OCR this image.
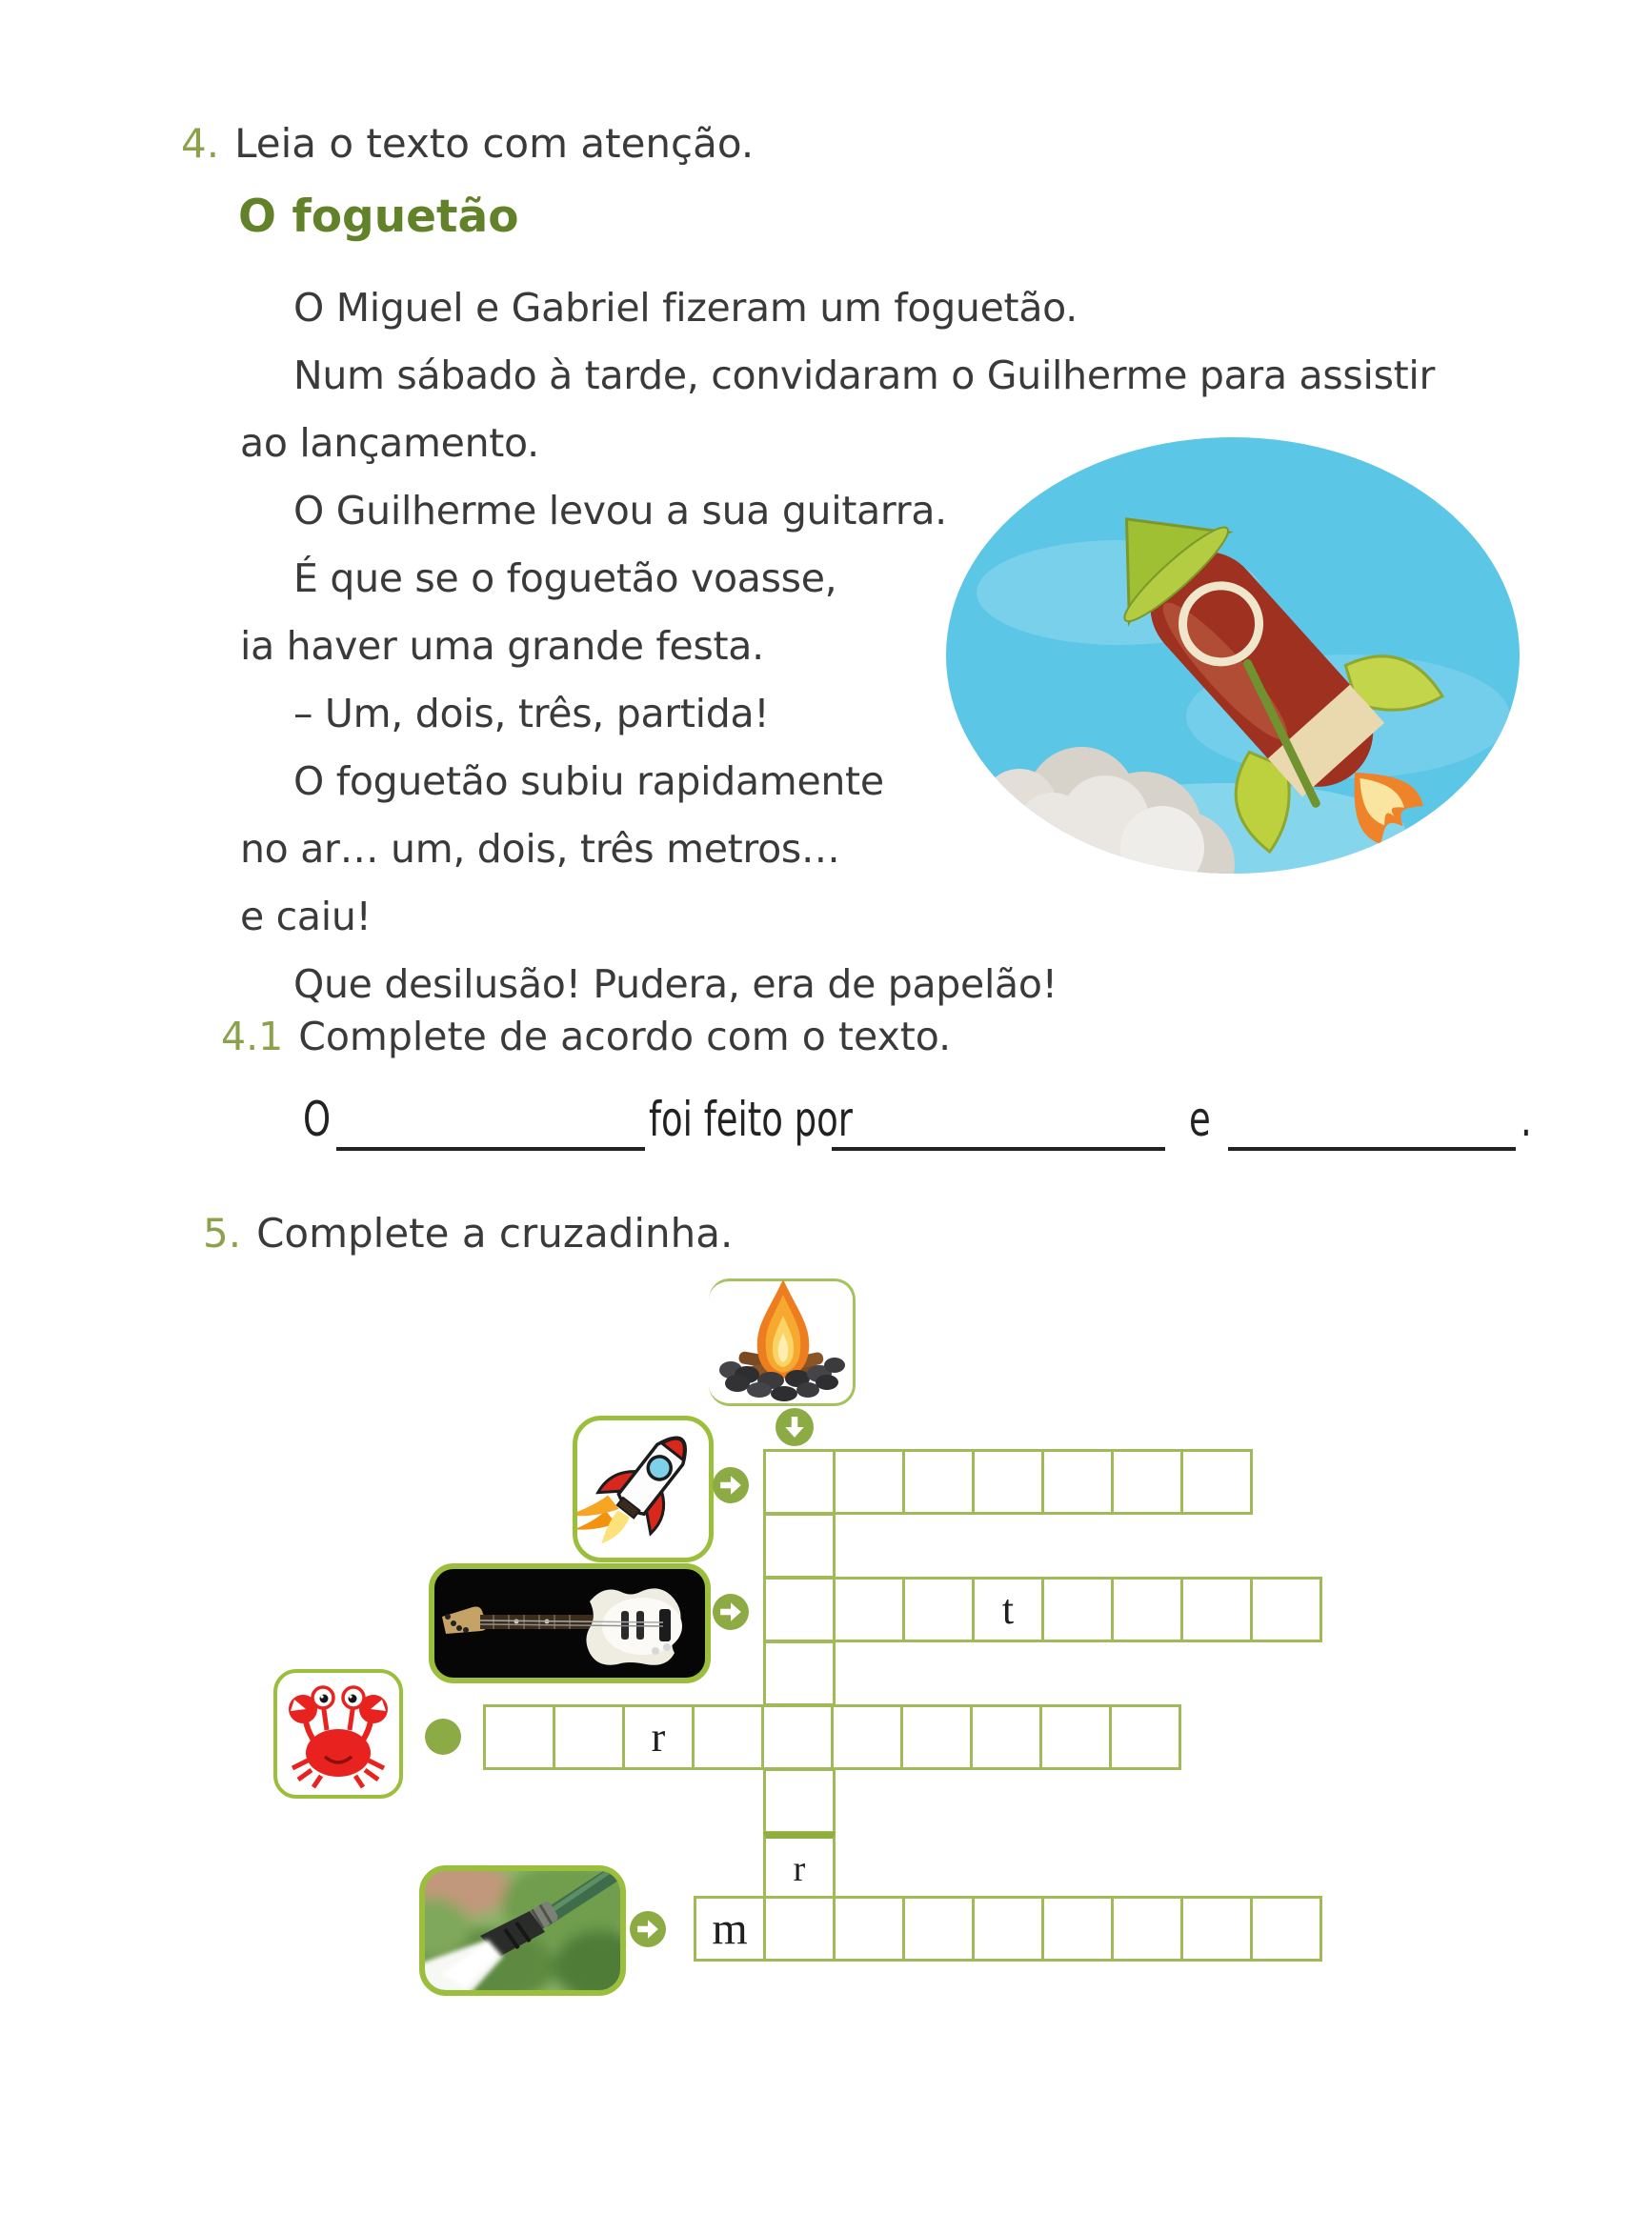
4. Leia o texto com atenção.
O foguetão
O Miguel e Gabriel fizeram um foguetão.
Num sábado à tarde, convidaram o Guilherme para assistir
ao lançamento.
O Guilherme levou a sua guitarra.
É que se o foguetão voasse,
ia haver uma grande festa.
– Um, dois, três, partida!
O foguetão subiu rapidamente
no ar… um, dois, três metros…
e caiu!
Que desilusão! Pudera, era de papelão!
4.1 Complete de acordo com o texto.
O	foi feito por	e	.
5. Complete a cruzadinha.
t
r
r
m
